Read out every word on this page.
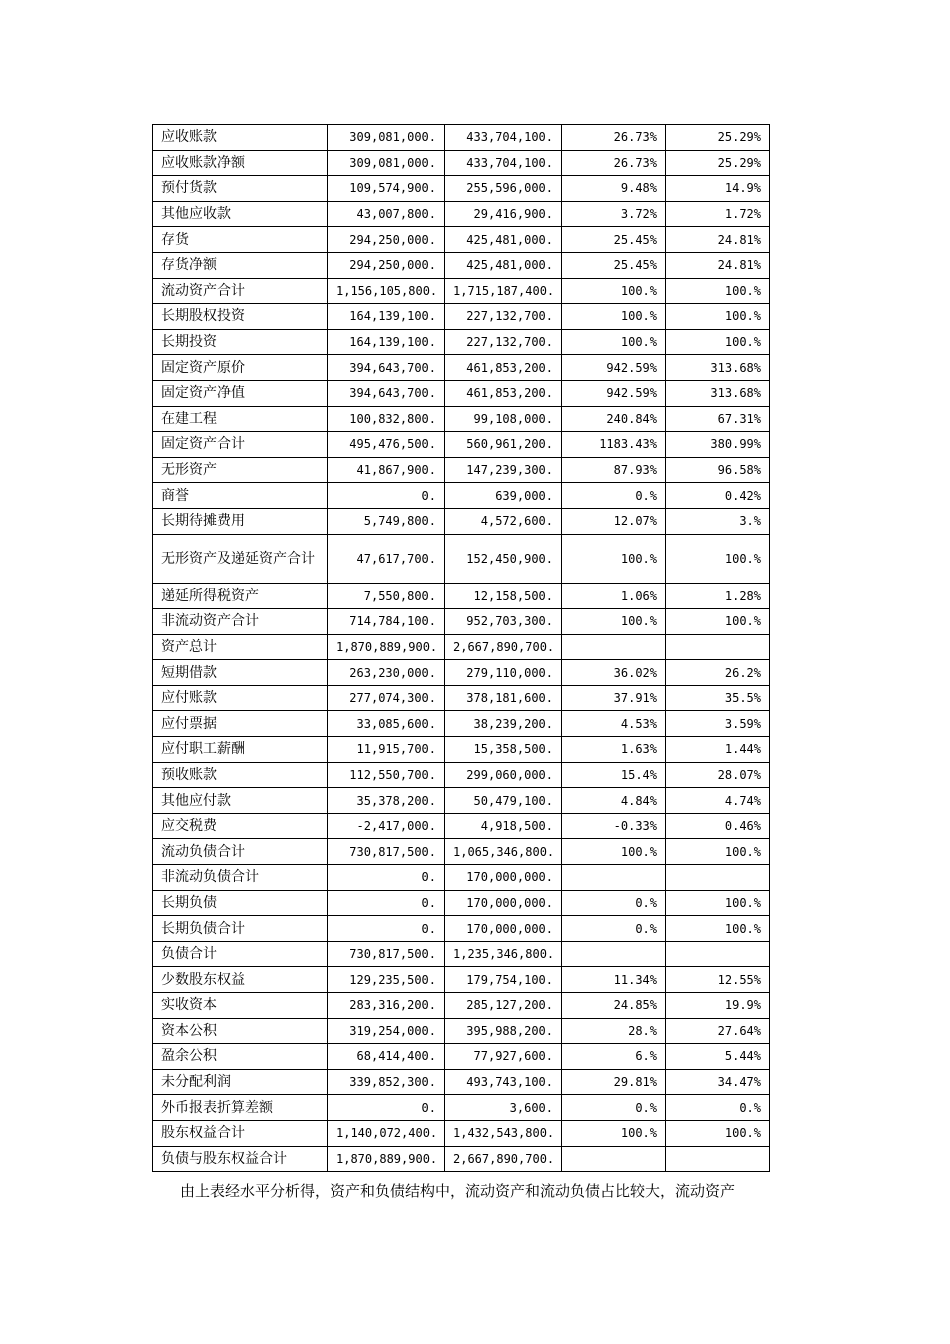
应收账款	309,081,000.	433,704,100.	26.73%	25.29%
应收账款净额	309,081,000.	433,704,100.	26.73%	25.29%
预付货款	109,574,900.	255,596,000.	9.48%	14.9%
其他应收款	43,007,800.	29,416,900.	3.72%	1.72%
存货	294,250,000.	425,481,000.	25.45%	24.81%
存货净额	294,250,000.	425,481,000.	25.45%	24.81%
流动资产合计	1,156,105,800.	1,715,187,400.	100.%	100.%
长期股权投资	164,139,100.	227,132,700.	100.%	100.%
长期投资	164,139,100.	227,132,700.	100.%	100.%
固定资产原价	394,643,700.	461,853,200.	942.59%	313.68%
固定资产净值	394,643,700.	461,853,200.	942.59%	313.68%
在建工程	100,832,800.	99,108,000.	240.84%	67.31%
固定资产合计	495,476,500.	560,961,200.	1183.43%	380.99%
无形资产	41,867,900.	147,239,300.	87.93%	96.58%
商誉	0.	639,000.	0.%	0.42%
长期待摊费用	5,749,800.	4,572,600.	12.07%	3.%
无形资产及递延资产合计	47,617,700.	152,450,900.	100.%	100.%
递延所得税资产	7,550,800.	12,158,500.	1.06%	1.28%
非流动资产合计	714,784,100.	952,703,300.	100.%	100.%
资产总计	1,870,889,900.	2,667,890,700.		
短期借款	263,230,000.	279,110,000.	36.02%	26.2%
应付账款	277,074,300.	378,181,600.	37.91%	35.5%
应付票据	33,085,600.	38,239,200.	4.53%	3.59%
应付职工薪酬	11,915,700.	15,358,500.	1.63%	1.44%
预收账款	112,550,700.	299,060,000.	15.4%	28.07%
其他应付款	35,378,200.	50,479,100.	4.84%	4.74%
应交税费	-2,417,000.	4,918,500.	-0.33%	0.46%
流动负债合计	730,817,500.	1,065,346,800.	100.%	100.%
非流动负债合计	0.	170,000,000.		
长期负债	0.	170,000,000.	0.%	100.%
长期负债合计	0.	170,000,000.	0.%	100.%
负债合计	730,817,500.	1,235,346,800.		
少数股东权益	129,235,500.	179,754,100.	11.34%	12.55%
实收资本	283,316,200.	285,127,200.	24.85%	19.9%
资本公积	319,254,000.	395,988,200.	28.%	27.64%
盈余公积	68,414,400.	77,927,600.	6.%	5.44%
未分配利润	339,852,300.	493,743,100.	29.81%	34.47%
外币报表折算差额	0.	3,600.	0.%	0.%
股东权益合计	1,140,072,400.	1,432,543,800.	100.%	100.%
负债与股东权益合计	1,870,889,900.	2,667,890,700.		

由上表经水平分析得，资产和负债结构中，流动资产和流动负债占比较大，流动资产
